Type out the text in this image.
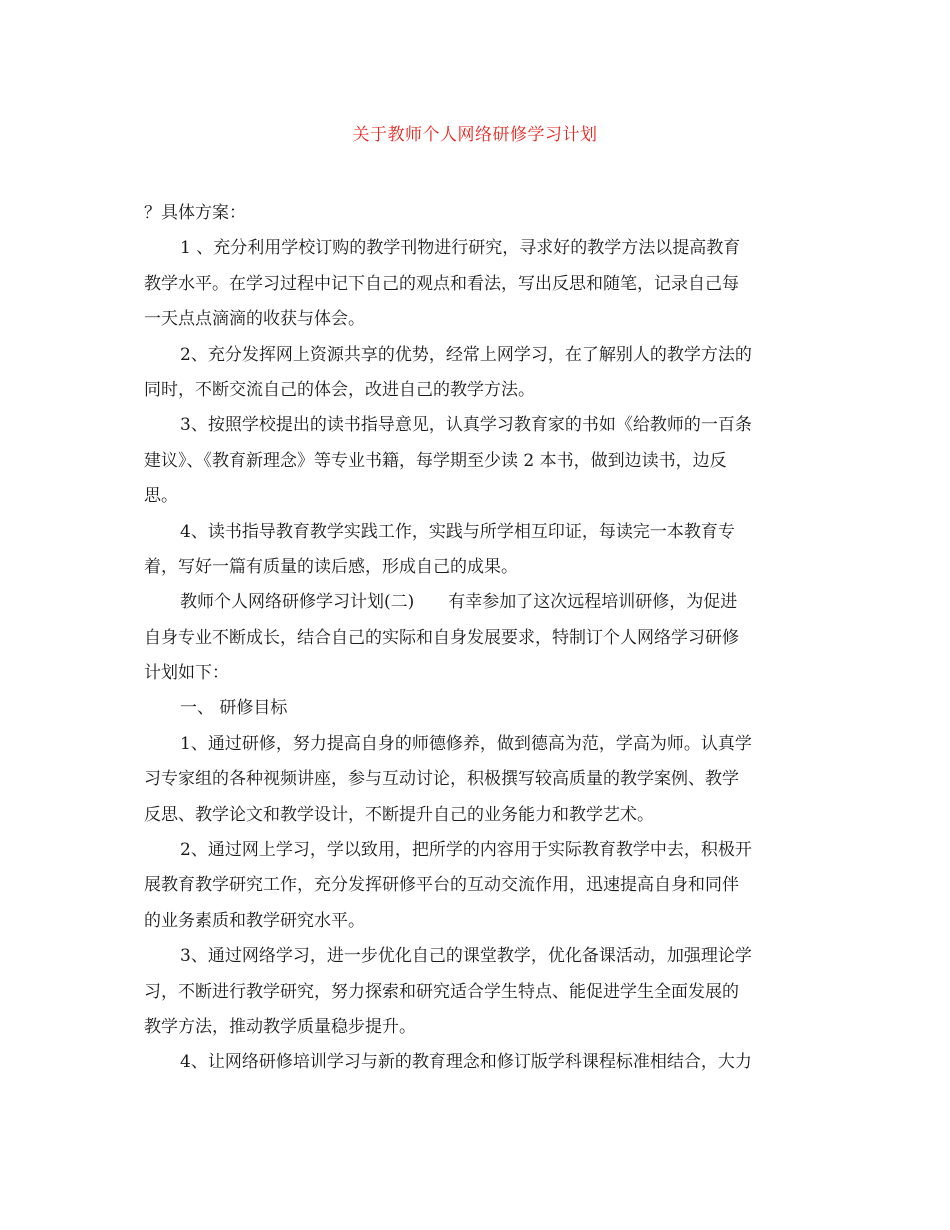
关于教师个人网络研修学习计划
？具体方案：
1 、充分利用学校订购的教学刊物进行研究，寻求好的教学方法以提高教育
教学水平。在学习过程中记下自己的观点和看法，写出反思和随笔，记录自己每
一天点点滴滴的收获与体会。
2、充分发挥网上资源共享的优势，经常上网学习，在了解别人的教学方法的
同时，不断交流自己的体会，改进自己的教学方法。
3、按照学校提出的读书指导意见，认真学习教育家的书如《给教师的一百条
建议》、《教育新理念》等专业书籍，每学期至少读 2 本书，做到边读书，边反
思。
4、读书指导教育教学实践工作，实践与所学相互印证，每读完一本教育专
着，写好一篇有质量的读后感，形成自己的成果。
教师个人网络研修学习计划(二)　　有幸参加了这次远程培训研修，为促进
自身专业不断成长，结合自己的实际和自身发展要求，特制订个人网络学习研修
计划如下：
一、 研修目标
1、通过研修，努力提高自身的师德修养，做到德高为范，学高为师。认真学
习专家组的各种视频讲座，参与互动讨论，积极撰写较高质量的教学案例、教学
反思、教学论文和教学设计，不断提升自己的业务能力和教学艺术。
2、通过网上学习，学以致用，把所学的内容用于实际教育教学中去，积极开
展教育教学研究工作，充分发挥研修平台的互动交流作用，迅速提高自身和同伴
的业务素质和教学研究水平。
3、通过网络学习，进一步优化自己的课堂教学，优化备课活动，加强理论学
习，不断进行教学研究，努力探索和研究适合学生特点、能促进学生全面发展的
教学方法，推动教学质量稳步提升。
4、让网络研修培训学习与新的教育理念和修订版学科课程标准相结合，大力
